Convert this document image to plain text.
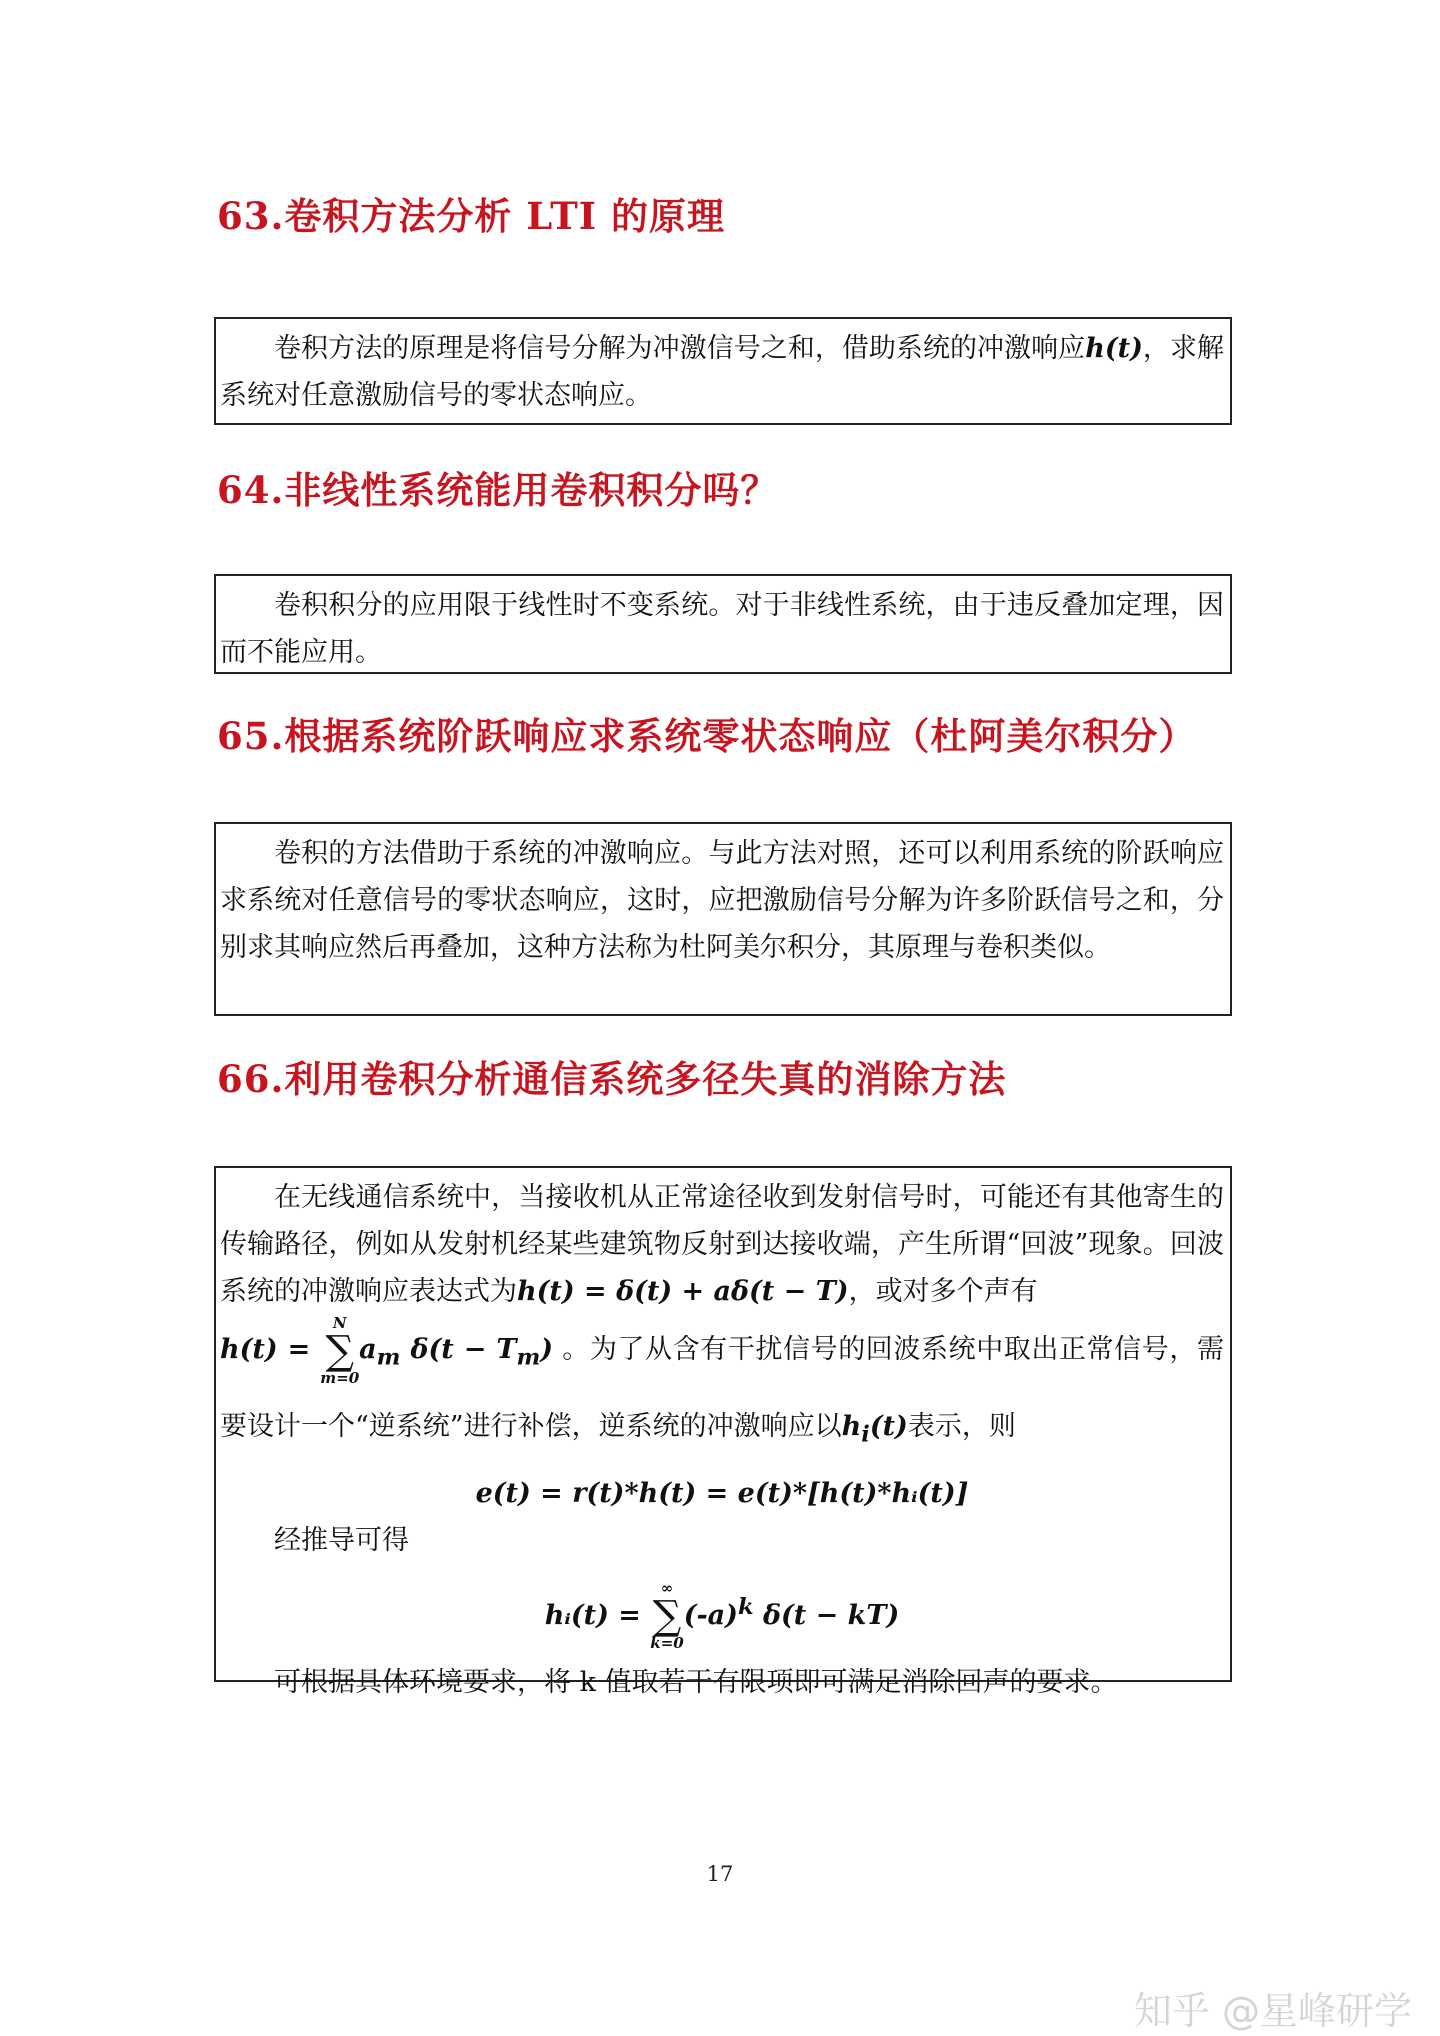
63.卷积方法分析 LTI 的原理

卷积方法的原理是将信号分解为冲激信号之和，借助系统的冲激响应h(t)，求解系统对任意激励信号的零状态响应。

64.非线性系统能用卷积积分吗？

卷积积分的应用限于线性时不变系统。对于非线性系统，由于违反叠加定理，因而不能应用。

65.根据系统阶跃响应求系统零状态响应（杜阿美尔积分）

卷积的方法借助于系统的冲激响应。与此方法对照，还可以利用系统的阶跃响应求系统对任意信号的零状态响应，这时，应把激励信号分解为许多阶跃信号之和，分别求其响应然后再叠加，这种方法称为杜阿美尔积分，其原理与卷积类似。

66.利用卷积分析通信系统多径失真的消除方法

在无线通信系统中，当接收机从正常途径收到发射信号时，可能还有其他寄生的传输路径，例如从发射机经某些建筑物反射到达接收端，产生所谓“回波”现象。回波系统的冲激响应表达式为h(t) = δ(t) + aδ(t − T)，或对多个声有

h(t) =
N
∑
m=0
$a_m$ $\delta(t - T_m)$ 。为了从含有干扰信号的回波系统中取出正常信号，需要设计一个“逆系统”进行补偿，逆系统的冲激响应以$h_i(t)$表示，则

e(t) = r(t)*h(t) = e(t)*[h(t)*hᵢ(t)]

经推导可得

hᵢ(t) =
∞
∑
k=0
$(-a)^k$ δ(t − kT)

可根据具体环境要求，将 k 值取若干有限项即可满足消除回声的要求。

17
知乎 @星峰研学
